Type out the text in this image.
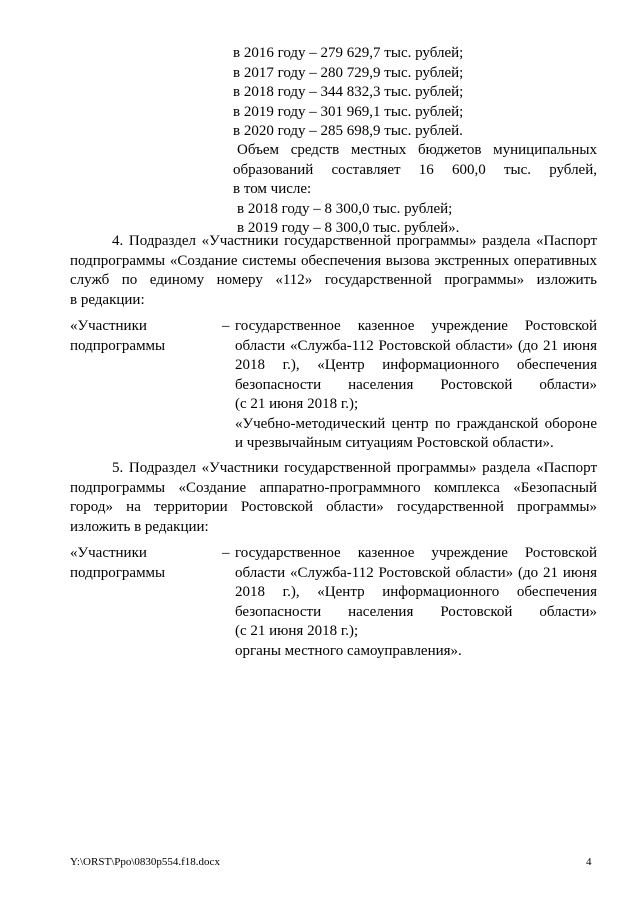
в 2016 году – 279 629,7 тыс. рублей;
в 2017 году – 280 729,9 тыс. рублей;
в 2018 году – 344 832,3 тыс. рублей;
в 2019 году – 301 969,1 тыс. рублей;
в 2020 году – 285 698,9 тыс. рублей.
Объем средств местных бюджетов муниципальных
образований составляет 16 600,0 тыс. рублей,
в том числе:
в 2018 году – 8 300,0 тыс. рублей;
в 2019 году – 8 300,0 тыс. рублей».
4. Подраздел «Участники государственной программы» раздела «Паспорт
подпрограммы «Создание системы обеспечения вызова экстренных оперативных
служб по единому номеру «112» государственной программы» изложить
в редакции:
«Участники
подпрограммы
– государственное казенное учреждение Ростовской
области «Служба-112 Ростовской области» (до 21 июня
2018 г.), «Центр информационного обеспечения
безопасности населения Ростовской области»
(с 21 июня 2018 г.);
«Учебно-методический центр по гражданской обороне
и чрезвычайным ситуациям Ростовской области».
5. Подраздел «Участники государственной программы» раздела «Паспорт
подпрограммы «Создание аппаратно-программного комплекса «Безопасный
город» на территории Ростовской области» государственной программы»
изложить в редакции:
«Участники
подпрограммы
– государственное казенное учреждение Ростовской
области «Служба-112 Ростовской области» (до 21 июня
2018 г.), «Центр информационного обеспечения
безопасности населения Ростовской области»
(с 21 июня 2018 г.);
органы местного самоуправления».
Y:\ORST\Ppo\0830p554.f18.docx	4
